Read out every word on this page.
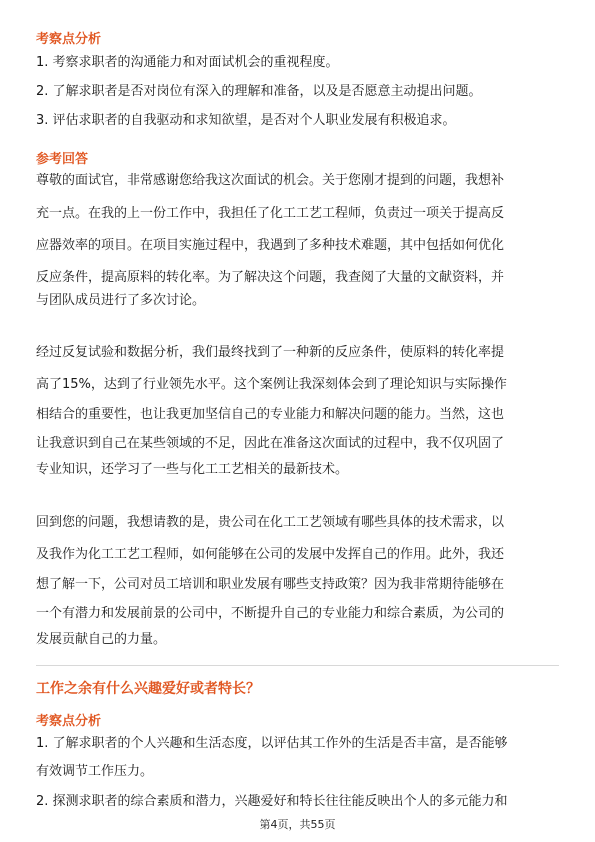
考察点分析
1. 考察求职者的沟通能力和对面试机会的重视程度。
2. 了解求职者是否对岗位有深入的理解和准备，以及是否愿意主动提出问题。
3. 评估求职者的自我驱动和求知欲望，是否对个人职业发展有积极追求。
参考回答
尊敬的面试官，非常感谢您给我这次面试的机会。关于您刚才提到的问题，我想补
充一点。在我的上一份工作中，我担任了化工工艺工程师，负责过一项关于提高反
应器效率的项目。在项目实施过程中，我遇到了多种技术难题，其中包括如何优化
反应条件，提高原料的转化率。为了解决这个问题，我查阅了大量的文献资料，并
与团队成员进行了多次讨论。
经过反复试验和数据分析，我们最终找到了一种新的反应条件，使原料的转化率提
高了15%，达到了行业领先水平。这个案例让我深刻体会到了理论知识与实际操作
相结合的重要性，也让我更加坚信自己的专业能力和解决问题的能力。当然，这也
让我意识到自己在某些领域的不足，因此在准备这次面试的过程中，我不仅巩固了
专业知识，还学习了一些与化工工艺相关的最新技术。
回到您的问题，我想请教的是，贵公司在化工工艺领域有哪些具体的技术需求，以
及我作为化工工艺工程师，如何能够在公司的发展中发挥自己的作用。此外，我还
想了解一下，公司对员工培训和职业发展有哪些支持政策？因为我非常期待能够在
一个有潜力和发展前景的公司中，不断提升自己的专业能力和综合素质，为公司的
发展贡献自己的力量。
工作之余有什么兴趣爱好或者特长？
考察点分析
1. 了解求职者的个人兴趣和生活态度，以评估其工作外的生活是否丰富，是否能够
有效调节工作压力。
2. 探测求职者的综合素质和潜力，兴趣爱好和特长往往能反映出个人的多元能力和
第4页，共55页
